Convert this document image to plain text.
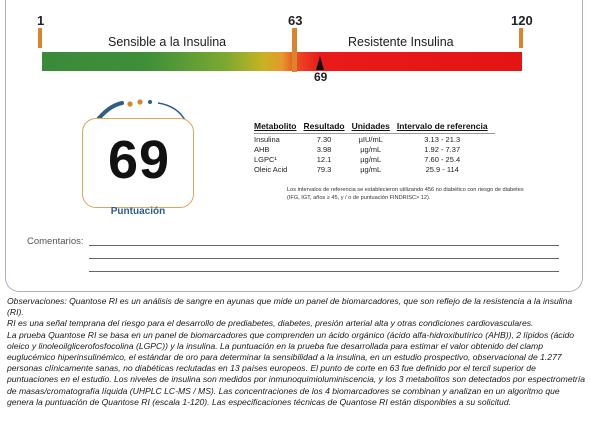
1	63	120
Sensible a la Insulina	Resistente Insulina
69
69
Puntuación
Metabolito	Resultado	Unidades	Intervalo de referencia
Insulina	7.30	µIU/mL	3.13 - 21.3
AHB	3.98	µg/mL	1.92 - 7.37
LGPC¹	12.1	µg/mL	7.60 - 25.4
Oleic Acid	79.3	µg/mL	25.9 - 114
Los intervalos de referencia se establecieron utilizando 456 no diabético con riesgo de diabetes (IFG, IGT, años ≥ 45, y / o de puntuación FINDRISC> 12).
Comentarios:

Observaciones: Quantose RI es un análisis de sangre en ayunas que mide un panel de biomarcadores, que son reflejo de la resistencia a la insulina (RI).

RI es una señal temprana del riesgo para el desarrollo de prediabetes, diabetes, presión arterial alta y otras condiciones cardiovasculares.

La prueba Quantose RI se basa en un panel de biomarcadores que comprenden un ácido orgánico (ácido alfa-hidroxibutírico (AHB)), 2 lípidos (ácido oleico y linoleoilglicerofosfocolina (LGPC)) y la insulina. La puntuación en la prueba fue desarrollada para estimar el valor obtenido del clamp euglucémico hiperinsulinémico, el estándar de oro para determinar la sensibilidad a la insulina, en un estudio prospectivo, observacional de 1.277 personas clínicamente sanas, no diabéticas reclutadas en 13 países europeos. El punto de corte en 63 fue definido por el tercil superior de puntuaciones en el estudio. Los niveles de insulina son medidos por inmunoquimioluminiscencia, y los 3 metabolitos son detectados por espectrometría de masas/cromatografía líquida (UHPLC LC-MS / MS). Las concentraciones de los 4 biomarcadores se combinan y analizan en un algoritmo que genera la puntuación de Quantose RI (escala 1-120). Las especificaciones técnicas de Quantose RI están disponibles a su solicitud.
